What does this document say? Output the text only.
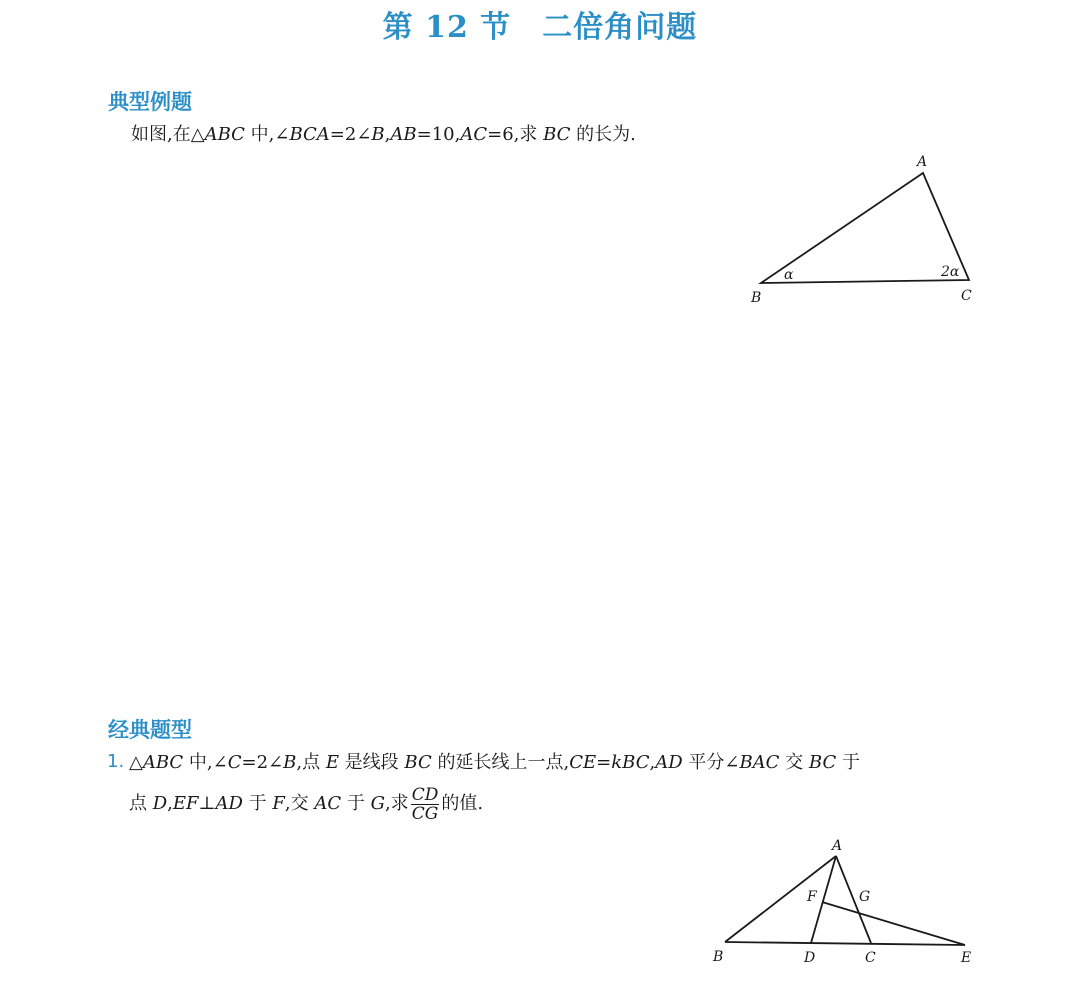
第 12 节　二倍角问题
典型例题
如图,在△ABC 中,∠BCA=2∠B,AB=10,AC=6,求 BC 的长为.
A
B	C
α	2α
经典题型
1. △ABC 中,∠C=2∠B,点 E 是线段 BC 的延长线上一点,CE=kBC,AD 平分∠BAC 交 BC 于
点 D,EF⊥AD 于 F,交 AC 于 G,求 $\frac{CD}{CG}$ 的值.
A
B	D	C	E
F	G
